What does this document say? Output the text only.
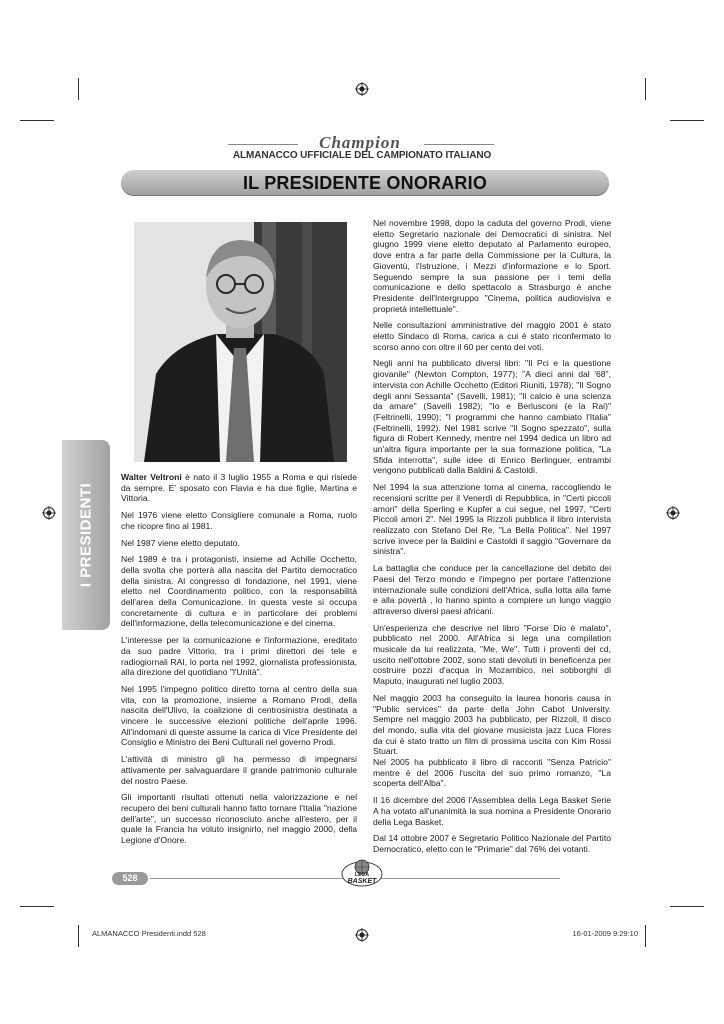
Champion
ALMANACCO UFFICIALE DEL CAMPIONATO ITALIANO
IL PRESIDENTE ONORARIO
I PRESIDENTI

Walter Veltroni è nato il 3 luglio 1955 a Roma e qui risiede da sempre. E' sposato con Flavia e ha due figlie, Martina e Vittoria.

Nel 1976 viene eletto Consigliere comunale a Roma, ruolo che ricopre fino al 1981.

Nel 1987 viene eletto deputato.

Nel 1989 è tra i protagonisti, insieme ad Achille Occhetto, della svolta che porterà alla nascita del Partito democratico della sinistra. Al congresso di fondazione, nel 1991, viene eletto nel Coordinamento politico, con la responsabilità dell'area della Comunicazione. In questa veste si occupa concretamente di cultura e in particolare dei problemi dell'informazione, della telecomunicazione e del cinema.

L'interesse per la comunicazione e l'informazione, ereditato da suo padre Vittorio, tra i primi direttori dei tele e radiogiornali RAI, lo porta nel 1992, giornalista professionista, alla direzione del quotidiano "l'Unità".

Nel 1995 l'impegno politico diretto torna al centro della sua vita, con la promozione, insieme a Romano Prodi, della nascita dell'Ulivo, la coalizione di centrosinistra destinata a vincere le successive elezioni politiche dell'aprile 1996. All'indomani di queste assume la carica di Vice Presidente del Consiglio e Ministro dei Beni Culturali nel governo Prodi.

L'attività di ministro gli ha permesso di impegnarsi attivamente per salvaguardare il grande patrimonio culturale del nostro Paese.

Gli importanti risultati ottenuti nella valorizzazione e nel recupero dei beni culturali hanno fatto tornare l'Italia "nazione dell'arte", un successo riconosciuto anche all'estero, per il quale la Francia ha voluto insignirlo, nel maggio 2000, della Legione d'Onore.

Nel novembre 1998, dopo la caduta del governo Prodi, viene eletto Segretario nazionale dei Democratici di sinistra. Nel giugno 1999 viene eletto deputato al Parlamento europeo, dove entra a far parte della Commissione per la Cultura, la Gioventù, l'Istruzione, i Mezzi d'informazione e lo Sport. Seguendo sempre la sua passione per i temi della comunicazione e dello spettacolo a Strasburgo è anche Presidente dell'Intergruppo "Cinema, politica audiovisiva e proprietà intellettuale".

Nelle consultazioni amministrative del maggio 2001 è stato eletto Sindaco di Roma, carica a cui è stato riconfermato lo scorso anno con oltre il 60 per cento dei voti.

Negli anni ha pubblicato diversi libri: "Il Pci e la questione giovanile" (Newton Compton, 1977); "A dieci anni dal '68", intervista con Achille Occhetto (Editori Riuniti, 1978); "Il Sogno degli anni Sessanta" (Savelli, 1981); "Il calcio è una scienza da amare" (Savelli 1982); "Io e Berlusconi (e la Rai)" (Feltrinelli, 1990); "I programmi che hanno cambiato l'Italia" (Feltrinelli, 1992). Nel 1981 scrive "Il Sogno spezzato", sulla figura di Robert Kennedy, mentre nel 1994 dedica un libro ad un'altra figura importante per la sua formazione politica, "La Sfida interrotta", sulle idee di Enrico Berlinguer, entrambi vengono pubblicati dalla Baldini & Castoldi.

Nel 1994 la sua attenzione torna al cinema, raccogliendo le recensioni scritte per il Venerdì di Repubblica, in "Certi piccoli amori" della Sperling e Kupfer a cui segue, nel 1997, "Certi Piccoli amori 2". Nel 1995 la Rizzoli pubblica il libro intervista realizzato con Stefano Del Re, "La Bella Politica". Nel 1997 scrive invece per la Baldini e Castoldi il saggio "Governare da sinistra".

La battaglia che conduce per la cancellazione del debito dei Paesi del Terzo mondo e l'impegno per portare l'attenzione internazionale sulle condizioni dell'Africa, sulla lotta alla fame e alla povertà , lo hanno spinto a compiere un lungo viaggio attraverso diversi paesi africani.

Un'esperienza che descrive nel libro "Forse Dio è malato", pubblicato nel 2000. All'Africa si lega una compilation musicale da lui realizzata, "Me, We". Tutti i proventi del cd, uscito nell'ottobre 2002, sono stati devoluti in beneficenza per costruire pozzi d'acqua in Mozambico, nei sobborghi di Maputo, inaugurati nel luglio 2003.

Nel maggio 2003 ha conseguito la laurea honoris causa in "Public services" da parte della John Cabot University. Sempre nel maggio 2003 ha pubblicato, per Rizzoli, Il disco del mondo, sulla vita del giovane musicista jazz Luca Flores da cui è stato tratto un film di prossima uscita con Kim Rossi Stuart.
Nel 2005 ha pubblicato il libro di racconti "Senza Patricio" mentre è del 2006 l'uscita del suo primo romanzo, "La scoperta dell'Alba".

Il 16 dicembre del 2006 l'Assemblea della Lega Basket Serie A ha votato all'unanimità la sua nomina a Presidente Onorario della Lega Basket.

Dal 14 ottobre 2007 è Segretario Politico Nazionale del Partito Democratico, eletto con le "Primarie" dal 76% dei votanti.

528	LEGA
BASKET
ALMANACCO Presidenti.indd 528	16-01-2009 9:29:10
